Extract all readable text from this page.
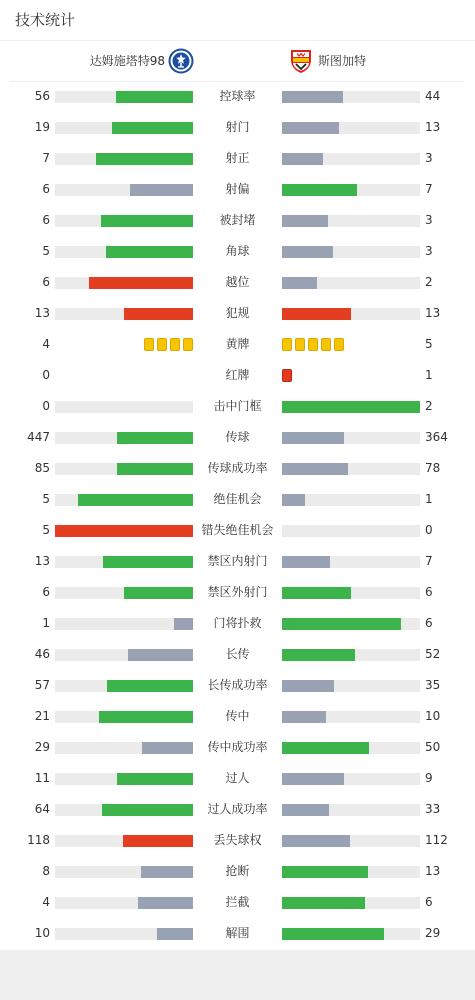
技术统计
达姆施塔特98	斯图加特
56	控球率	44
19	射门	13
7	射正	3
6	射偏	7
6	被封堵	3
5	角球	3
6	越位	2
13	犯规	13
4	黄牌	5
0	红牌	1
0	击中门框	2
447	传球	364
85	传球成功率	78
5	绝佳机会	1
5	错失绝佳机会	0
13	禁区内射门	7
6	禁区外射门	6
1	门将扑救	6
46	长传	52
57	长传成功率	35
21	传中	10
29	传中成功率	50
11	过人	9
64	过人成功率	33
118	丢失球权	112
8	抢断	13
4	拦截	6
10	解围	29
